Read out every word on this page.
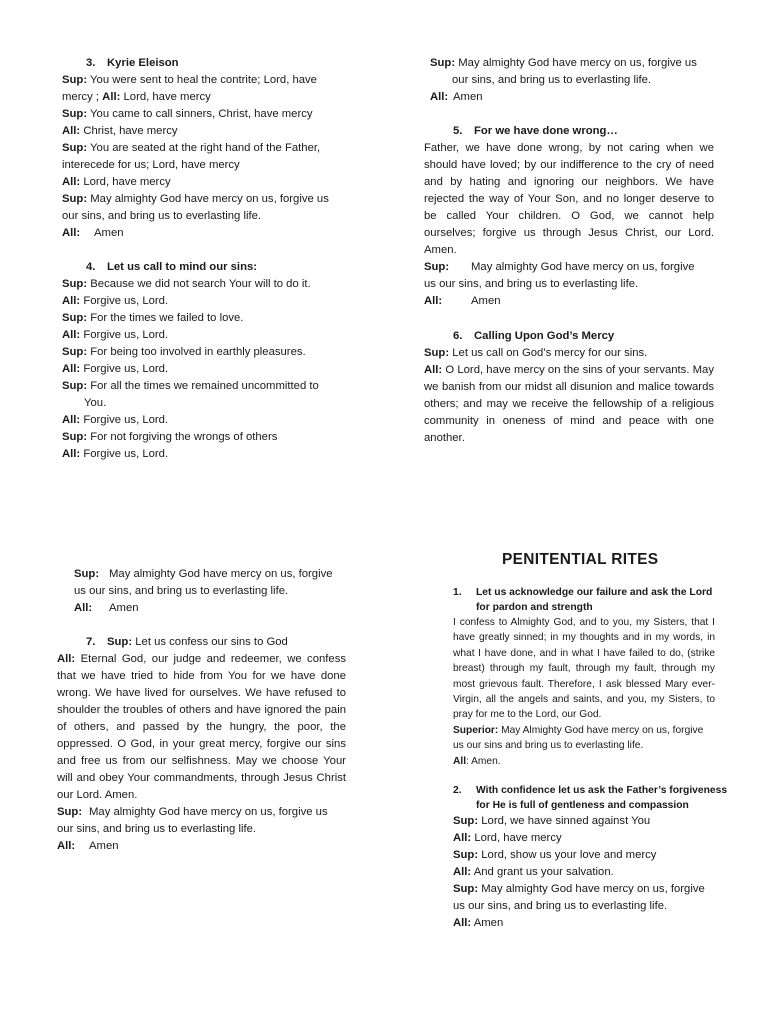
3. Kyrie Eleison
Sup: You were sent to heal the contrite; Lord, have
mercy ; All: Lord, have mercy
Sup: You came to call sinners, Christ, have mercy
All: Christ, have mercy
Sup: You are seated at the right hand of the Father,
interecede for us; Lord, have mercy
All: Lord, have mercy
Sup: May almighty God have mercy on us, forgive us
our sins, and bring us to everlasting life.
All: Amen
4. Let us call to mind our sins:
Sup: Because we did not search Your will to do it.
All: Forgive us, Lord.
Sup: For the times we failed to love.
All: Forgive us, Lord.
Sup: For being too involved in earthly pleasures.
All: Forgive us, Lord.
Sup: For all the times we remained uncommitted to
You.
All: Forgive us, Lord.
Sup: For not forgiving the wrongs of others
All: Forgive us, Lord.
Sup: May almighty God have mercy on us, forgive us
our sins, and bring us to everlasting life.
All: Amen
5. For we have done wrong…
Father, we have done wrong, by not caring when we should have loved; by our indifference to the cry of need and by hating and ignoring our neighbors. We have rejected the way of Your Son, and no longer deserve to be called Your children. O God, we cannot help ourselves; forgive us through Jesus Christ, our Lord. Amen.
Sup: May almighty God have mercy on us, forgive
us our sins, and bring us to everlasting life.
All:	Amen
6. Calling Upon God’s Mercy
Sup: Let us call on God’s mercy for our sins.
All: O Lord, have mercy on the sins of your servants. May we banish from our midst all disunion and malice towards others; and may we receive the fellowship of a religious community in oneness of mind and peace with one another.
Sup: May almighty God have mercy on us, forgive
us our sins, and bring us to everlasting life.
All: Amen
7. Sup: Let us confess our sins to God
All: Eternal God, our judge and redeemer, we confess that we have tried to hide from You for we have done wrong. We have lived for ourselves. We have refused to shoulder the troubles of others and have ignored the pain of others, and passed by the hungry, the poor, the oppressed. O God, in your great mercy, forgive our sins and free us from our selfishness. May we choose Your will and obey Your commandments, through Jesus Christ our Lord. Amen.
Sup: May almighty God have mercy on us, forgive us
our sins, and bring us to everlasting life.
All: Amen
PENITENTIAL RITES
1. Let us acknowledge our failure and ask the Lord
for pardon and strength
I confess to Almighty God, and to you, my Sisters, that I have greatly sinned; in my thoughts and in my words, in what I have done, and in what I have failed to do, (strike breast) through my fault, through my fault, through my most grievous fault. Therefore, I ask blessed Mary ever-Virgin, all the angels and saints, and you, my Sisters, to pray for me to the Lord, our God.
Superior: May Almighty God have mercy on us, forgive
us our sins and bring us to everlasting life.
All: Amen.
2. With confidence let us ask the Father’s forgiveness
for He is full of gentleness and compassion
Sup: Lord, we have sinned against You
All: Lord, have mercy
Sup: Lord, show us your love and mercy
All: And grant us your salvation.
Sup: May almighty God have mercy on us, forgive
us our sins, and bring us to everlasting life.
All: Amen
